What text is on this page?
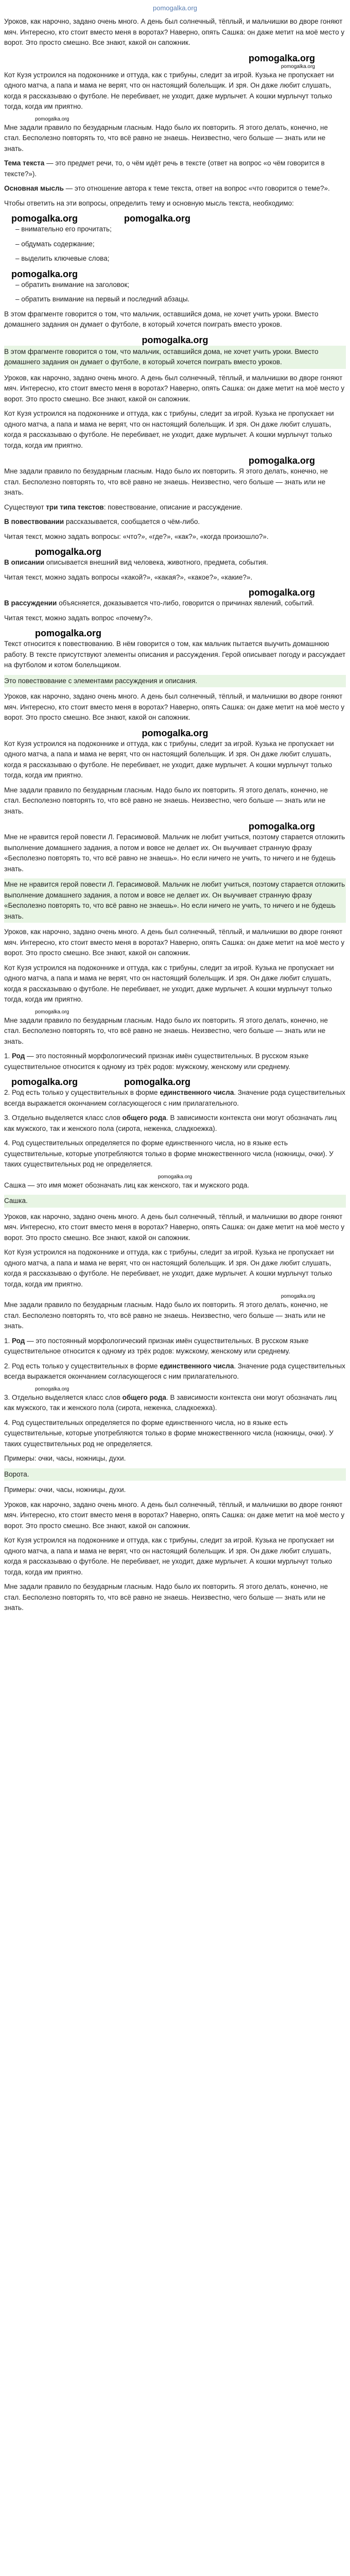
pomogalka.org
Уроков, как нарочно, задано очень много. А день был солнечный, тёплый, и мальчишки во дворе гоняют мяч. Интересно, кто стоит вместо меня в воротах? Наверно, опять Сашка: он даже метит на моё место у ворот. Это просто смешно. Все знают, какой он сапожник.
pomogalka.org
pomogalka.org
Кот Кузя устроился на подоконнике и оттуда, как с трибуны, следит за игрой. Кузька не пропускает ни одного матча, а папа и мама не верят, что он настоящий болельщик. И зря. Он даже любит слушать, когда я рассказываю о футболе. Не перебивает, не уходит, даже мурлычет. А кошки мурлычут только тогда, когда им приятно.
pomogalka.org
Мне задали правило по безударным гласным. Надо было их повторить. Я этого делать, конечно, не стал. Бесполезно повторять то, что всё равно не знаешь. Неизвестно, чего больше — знать или не знать.
Тема текста — это предмет речи, то, о чём идёт речь в тексте (ответ на вопрос «о чём говорится в тексте?»).
Основная мысль — это отношение автора к теме текста, ответ на вопрос «что говорится о теме?».
Чтобы ответить на эти вопросы, определить тему и основную мысль текста, необходимо:
pomogalka.org	pomogalka.org
– внимательно его прочитать;
– обдумать содержание;
– выделить ключевые слова;
pomogalka.org
– обратить внимание на заголовок;
– обратить внимание на первый и последний абзацы.
В этом фрагменте говорится о том, что мальчик, оставшийся дома, не хочет учить уроки. Вместо домашнего задания он думает о футболе, в который хочется поиграть вместо уроков.
pomogalka.org
В этом фрагменте говорится о том, что мальчик, оставшийся дома, не хочет учить уроки. Вместо домашнего задания он думает о футболе, в который хочется поиграть вместо уроков.
Уроков, как нарочно, задано очень много. А день был солнечный, тёплый, и мальчишки во дворе гоняют мяч. Интересно, кто стоит вместо меня в воротах? Наверно, опять Сашка: он даже метит на моё место у ворот. Это просто смешно. Все знают, какой он сапожник.
Кот Кузя устроился на подоконнике и оттуда, как с трибуны, следит за игрой. Кузька не пропускает ни одного матча, а папа и мама не верят, что он настоящий болельщик. И зря. Он даже любит слушать, когда я рассказываю о футболе. Не перебивает, не уходит, даже мурлычет. А кошки мурлычут только тогда, когда им приятно.
pomogalka.org
Мне задали правило по безударным гласным. Надо было их повторить. Я этого делать, конечно, не стал. Бесполезно повторять то, что всё равно не знаешь. Неизвестно, чего больше — знать или не знать.
Существуют три типа текстов: повествование, описание и рассуждение.
В повествовании рассказывается, сообщается о чём-либо.
Читая текст, можно задать вопросы: «что?», «где?», «как?», «когда произошло?».
pomogalka.org
В описании описывается внешний вид человека, животного, предмета, события.
Читая текст, можно задать вопросы «какой?», «какая?», «какое?», «какие?».
pomogalka.org
В рассуждении объясняется, доказывается что-либо, говорится о причинах явлений, событий.
Читая текст, можно задать вопрос «почему?».
pomogalka.org
Текст относится к повествованию. В нём говорится о том, как мальчик пытается выучить домашнюю работу. В тексте присутствуют элементы описания и рассуждения. Герой описывает погоду и рассуждает на футболом и котом болельщиком.
Это повествование с элементами рассуждения и описания.
Уроков, как нарочно, задано очень много. А день был солнечный, тёплый, и мальчишки во дворе гоняют мяч. Интересно, кто стоит вместо меня в воротах? Наверно, опять Сашка: он даже метит на моё место у ворот. Это просто смешно. Все знают, какой он сапожник.
pomogalka.org
Кот Кузя устроился на подоконнике и оттуда, как с трибуны, следит за игрой. Кузька не пропускает ни одного матча, а папа и мама не верят, что он настоящий болельщик. И зря. Он даже любит слушать, когда я рассказываю о футболе. Не перебивает, не уходит, даже мурлычет. А кошки мурлычут только тогда, когда им приятно.
Мне задали правило по безударным гласным. Надо было их повторить. Я этого делать, конечно, не стал. Бесполезно повторять то, что всё равно не знаешь. Неизвестно, чего больше — знать или не знать.
pomogalka.org
Мне не нравится герой повести Л. Герасимовой. Мальчик не любит учиться, поэтому старается отложить выполнение домашнего задания, а потом и вовсе не делает их. Он выучивает странную фразу «Бесполезно повторять то, что всё равно не знаешь». Но если ничего не учить, то ничего и не будешь знать.
Мне не нравится герой повести Л. Герасимовой. Мальчик не любит учиться, поэтому старается отложить выполнение домашнего задания, а потом и вовсе не делает их. Он выучивает странную фразу «Бесполезно повторять то, что всё равно не знаешь». Но если ничего не учить, то ничего и не будешь знать.
Уроков, как нарочно, задано очень много. А день был солнечный, тёплый, и мальчишки во дворе гоняют мяч. Интересно, кто стоит вместо меня в воротах? Наверно, опять Сашка: он даже метит на моё место у ворот. Это просто смешно. Все знают, какой он сапожник.
Кот Кузя устроился на подоконнике и оттуда, как с трибуны, следит за игрой. Кузька не пропускает ни одного матча, а папа и мама не верят, что он настоящий болельщик. И зря. Он даже любит слушать, когда я рассказываю о футболе. Не перебивает, не уходит, даже мурлычет. А кошки мурлычут только тогда, когда им приятно.
pomogalka.org
Мне задали правило по безударным гласным. Надо было их повторить. Я этого делать, конечно, не стал. Бесполезно повторять то, что всё равно не знаешь. Неизвестно, чего больше — знать или не знать.
1. Род — это постоянный морфологический признак имён существительных. В русском языке существительное относится к одному из трёх родов: мужскому, женскому или среднему.
pomogalka.org	pomogalka.org
2. Род есть только у существительных в форме единственного числа. Значение рода существительных всегда выражается окончанием согласующегося с ним прилагательного.
3. Отдельно выделяется класс слов общего рода. В зависимости контекста они могут обозначать лиц как мужского, так и женского пола (сирота, неженка, сладкоежка).
4. Род существительных определяется по форме единственного числа, но в языке есть существительные, которые употребляются только в форме множественного числа (ножницы, очки). У таких существительных род не определяется.
pomogalka.org
Сашка — это имя может обозначать лиц как женского, так и мужского рода.
Сашка.
Уроков, как нарочно, задано очень много. А день был солнечный, тёплый, и мальчишки во дворе гоняют мяч. Интересно, кто стоит вместо меня в воротах? Наверно, опять Сашка: он даже метит на моё место у ворот. Это просто смешно. Все знают, какой он сапожник.
Кот Кузя устроился на подоконнике и оттуда, как с трибуны, следит за игрой. Кузька не пропускает ни одного матча, а папа и мама не верят, что он настоящий болельщик. И зря. Он даже любит слушать, когда я рассказываю о футболе. Не перебивает, не уходит, даже мурлычет. А кошки мурлычут только тогда, когда им приятно.
pomogalka.org
Мне задали правило по безударным гласным. Надо было их повторить. Я этого делать, конечно, не стал. Бесполезно повторять то, что всё равно не знаешь. Неизвестно, чего больше — знать или не знать.
1. Род — это постоянный морфологический признак имён существительных. В русском языке существительное относится к одному из трёх родов: мужскому, женскому или среднему.
2. Род есть только у существительных в форме единственного числа. Значение рода существительных всегда выражается окончанием согласующегося с ним прилагательного.
pomogalka.org
3. Отдельно выделяется класс слов общего рода. В зависимости контекста они могут обозначать лиц как мужского, так и женского пола (сирота, неженка, сладкоежка).
4. Род существительных определяется по форме единственного числа, но в языке есть существительные, которые употребляются только в форме множественного числа (ножницы, очки). У таких существительных род не определяется.
Примеры: очки, часы, ножницы, духи.
Ворота.
Примеры: очки, часы, ножницы, духи.
Уроков, как нарочно, задано очень много. А день был солнечный, тёплый, и мальчишки во дворе гоняют мяч. Интересно, кто стоит вместо меня в воротах? Наверно, опять Сашка: он даже метит на моё место у ворот. Это просто смешно. Все знают, какой он сапожник.
Кот Кузя устроился на подоконнике и оттуда, как с трибуны, следит за игрой. Кузька не пропускает ни одного матча, а папа и мама не верят, что он настоящий болельщик. И зря. Он даже любит слушать, когда я рассказываю о футболе. Не перебивает, не уходит, даже мурлычет. А кошки мурлычут только тогда, когда им приятно.
Мне задали правило по безударным гласным. Надо было их повторить. Я этого делать, конечно, не стал. Бесполезно повторять то, что всё равно не знаешь. Неизвестно, чего больше — знать или не знать.
